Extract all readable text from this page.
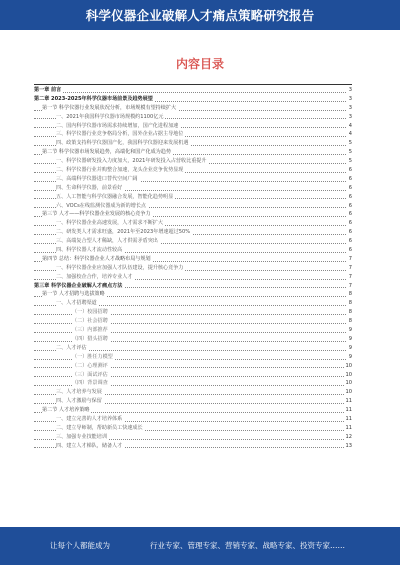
科学仪器企业破解人才痛点策略研究报告
内容目录
第一章 前言	3
第二章 2023-2025年科学仪器市场前景及趋势展望	3
第一节 科学仪器行业发展状况分析，市场规模有望持续扩大	3
一、2021年我国科学仪器市场规模约1100亿元	3
二、国内科学仪器市场需求持续增加，国产化进程加速	4
三、科学仪器行业竞争格局分析，国外企业占据主导地位	4
四、政策支持科学仪器国产化，我国科学仪器迎来发展机遇	5
第二节 科学仪器市场发展趋势，高端化和国产化成为趋势	5
一、科学仪器研发投入力度加大，2021年研发投入占营收比重提升	5
二、科学仪器行业并购整合加速，龙头企业竞争优势显现	6
三、高端科学仪器进口替代空间广阔	6
四、生命科学仪器，前景看好	6
五、人工智能与科学仪器融合发展，智能化趋势明显	6
六、VOCs在线监测仪器成为新的增长点	6
第三节 人才——科学仪器企业发展的核心竞争力	6
一、科学仪器企业高速发展，人才需求不断扩大	6
二、研发类人才需求旺盛，2021年至2023年增速超过50%	6
三、高端复合型人才稀缺，人才供需矛盾突出	6
四、科学仪器人才流动性较高	6
第四节 总结：科学仪器企业人才战略布局与规划	7
一、科学仪器企业应加强人才队伍建设，提升核心竞争力	7
二、加强校企合作，培养专业人才	7
第三章 科学仪器企业破解人才痛点方法	7
第一节 人才招聘与选拔策略	8
一、人才招聘渠道	8
（一）校园招聘	8
（二）社会招聘	8
（三）内部推荐	9
（四）猎头招聘	9
二、人才评估	9
（一）胜任力模型	9
（二）心理测评	10
（三）面试评估	10
（四）背景调查	10
三、人才培养与发展	10
四、人才激励与保留	11
第二节 人才培养策略	11
一、建立完善的人才培养体系	11
二、建立导师制，帮助新员工快速成长	11
三、加强专业技能培训	12
四、建立人才梯队，储备人才	13
让每个人都能成为	行业专家、管理专家、营销专家、战略专家、投资专家……
